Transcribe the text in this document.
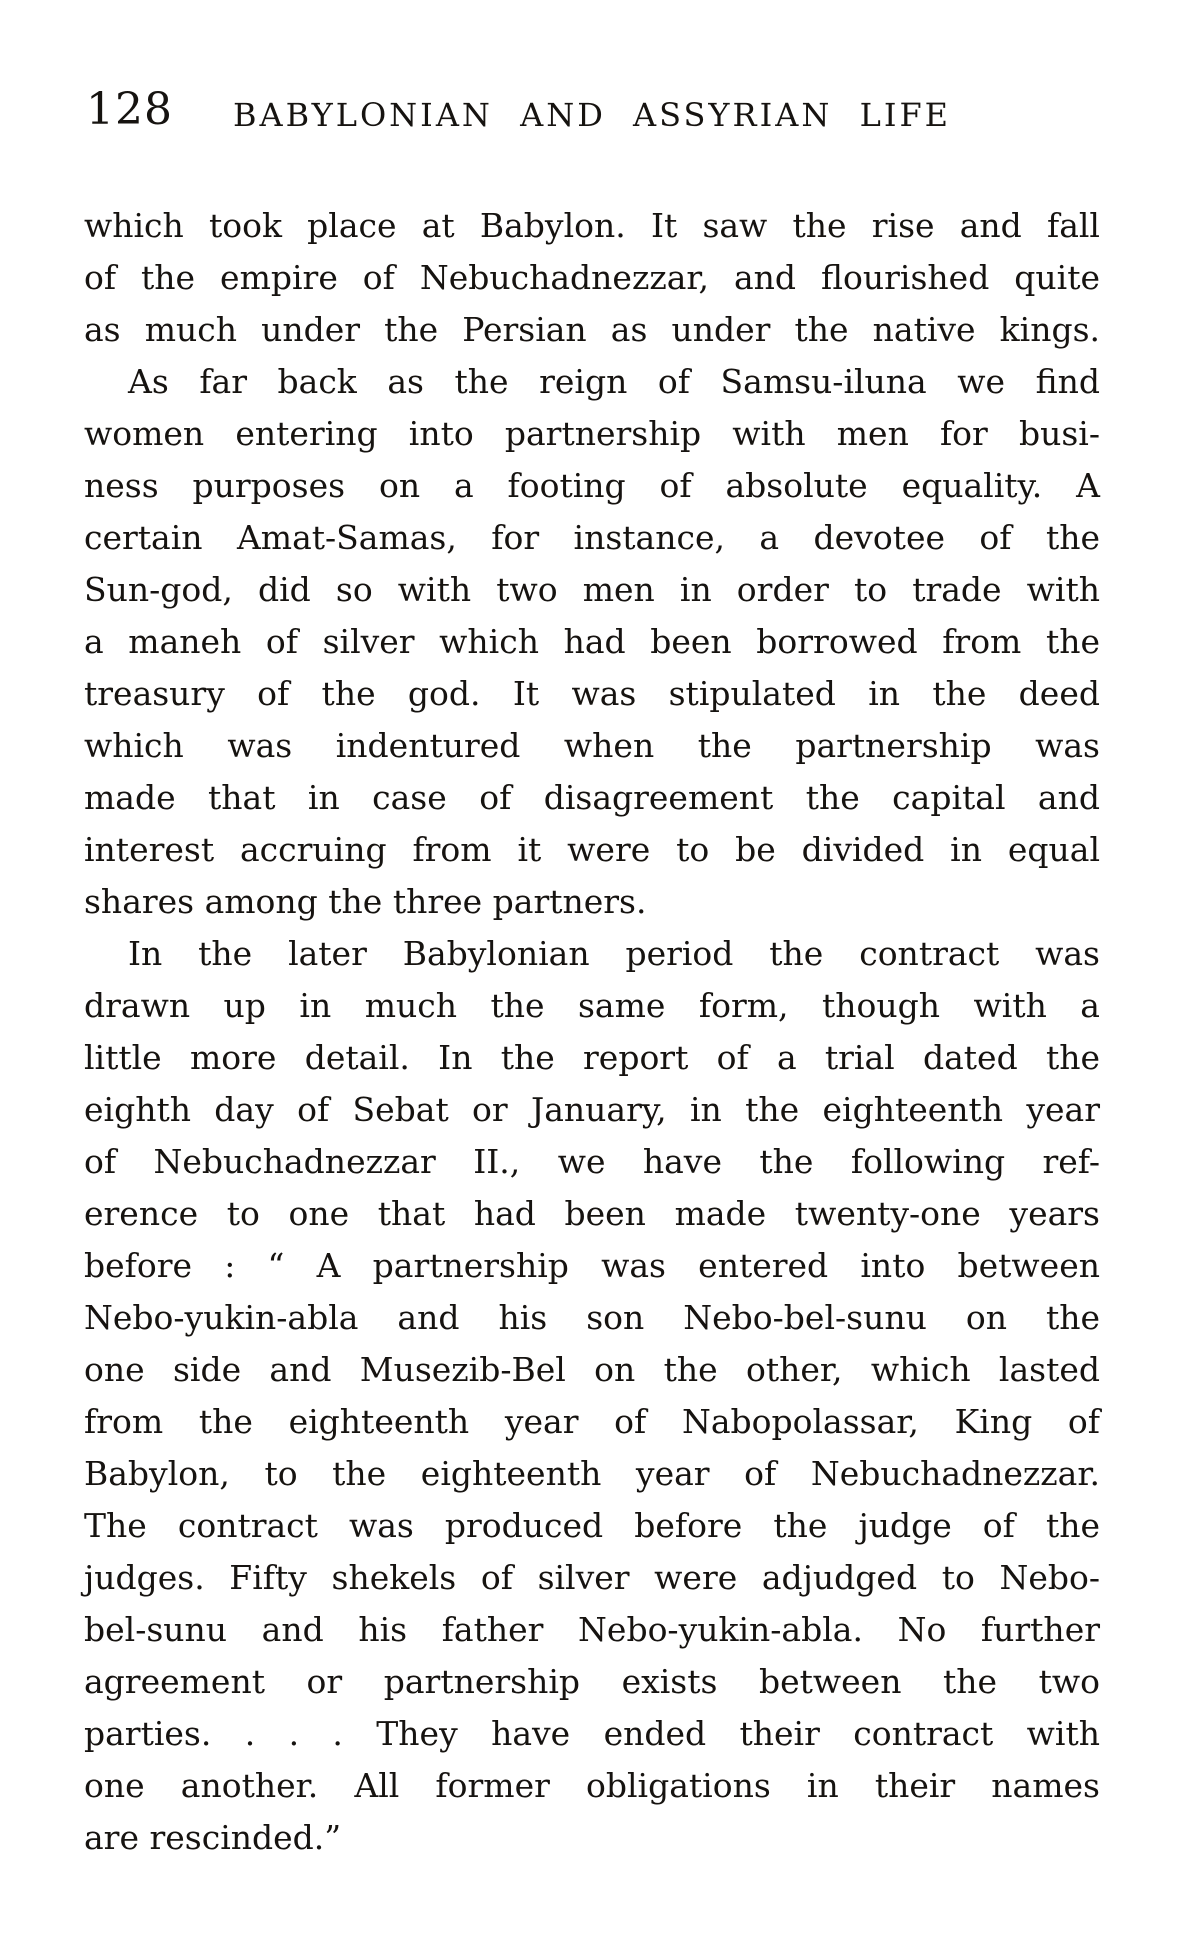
128	BABYLONIAN AND ASSYRIAN LIFE
which took place at Babylon. It saw the rise and fall
of the empire of Nebuchadnezzar, and flourished quite
as much under the Persian as under the native kings.
As far back as the reign of Samsu-iluna we find
women entering into partnership with men for busi-
ness purposes on a footing of absolute equality. A
certain Amat-Samas, for instance, a devotee of the
Sun-god, did so with two men in order to trade with
a maneh of silver which had been borrowed from the
treasury of the god. It was stipulated in the deed
which was indentured when the partnership was
made that in case of disagreement the capital and
interest accruing from it were to be divided in equal
shares among the three partners.
In the later Babylonian period the contract was
drawn up in much the same form, though with a
little more detail. In the report of a trial dated the
eighth day of Sebat or January, in the eighteenth year
of Nebuchadnezzar II., we have the following ref-
erence to one that had been made twenty-one years
before : “ A partnership was entered into between
Nebo-yukin-abla and his son Nebo-bel-sunu on the
one side and Musezib-Bel on the other, which lasted
from the eighteenth year of Nabopolassar, King of
Babylon, to the eighteenth year of Nebuchadnezzar.
The contract was produced before the judge of the
judges. Fifty shekels of silver were adjudged to Nebo-
bel-sunu and his father Nebo-yukin-abla. No further
agreement or partnership exists between the two
parties. . . . They have ended their contract with
one another. All former obligations in their names
are rescinded.”
